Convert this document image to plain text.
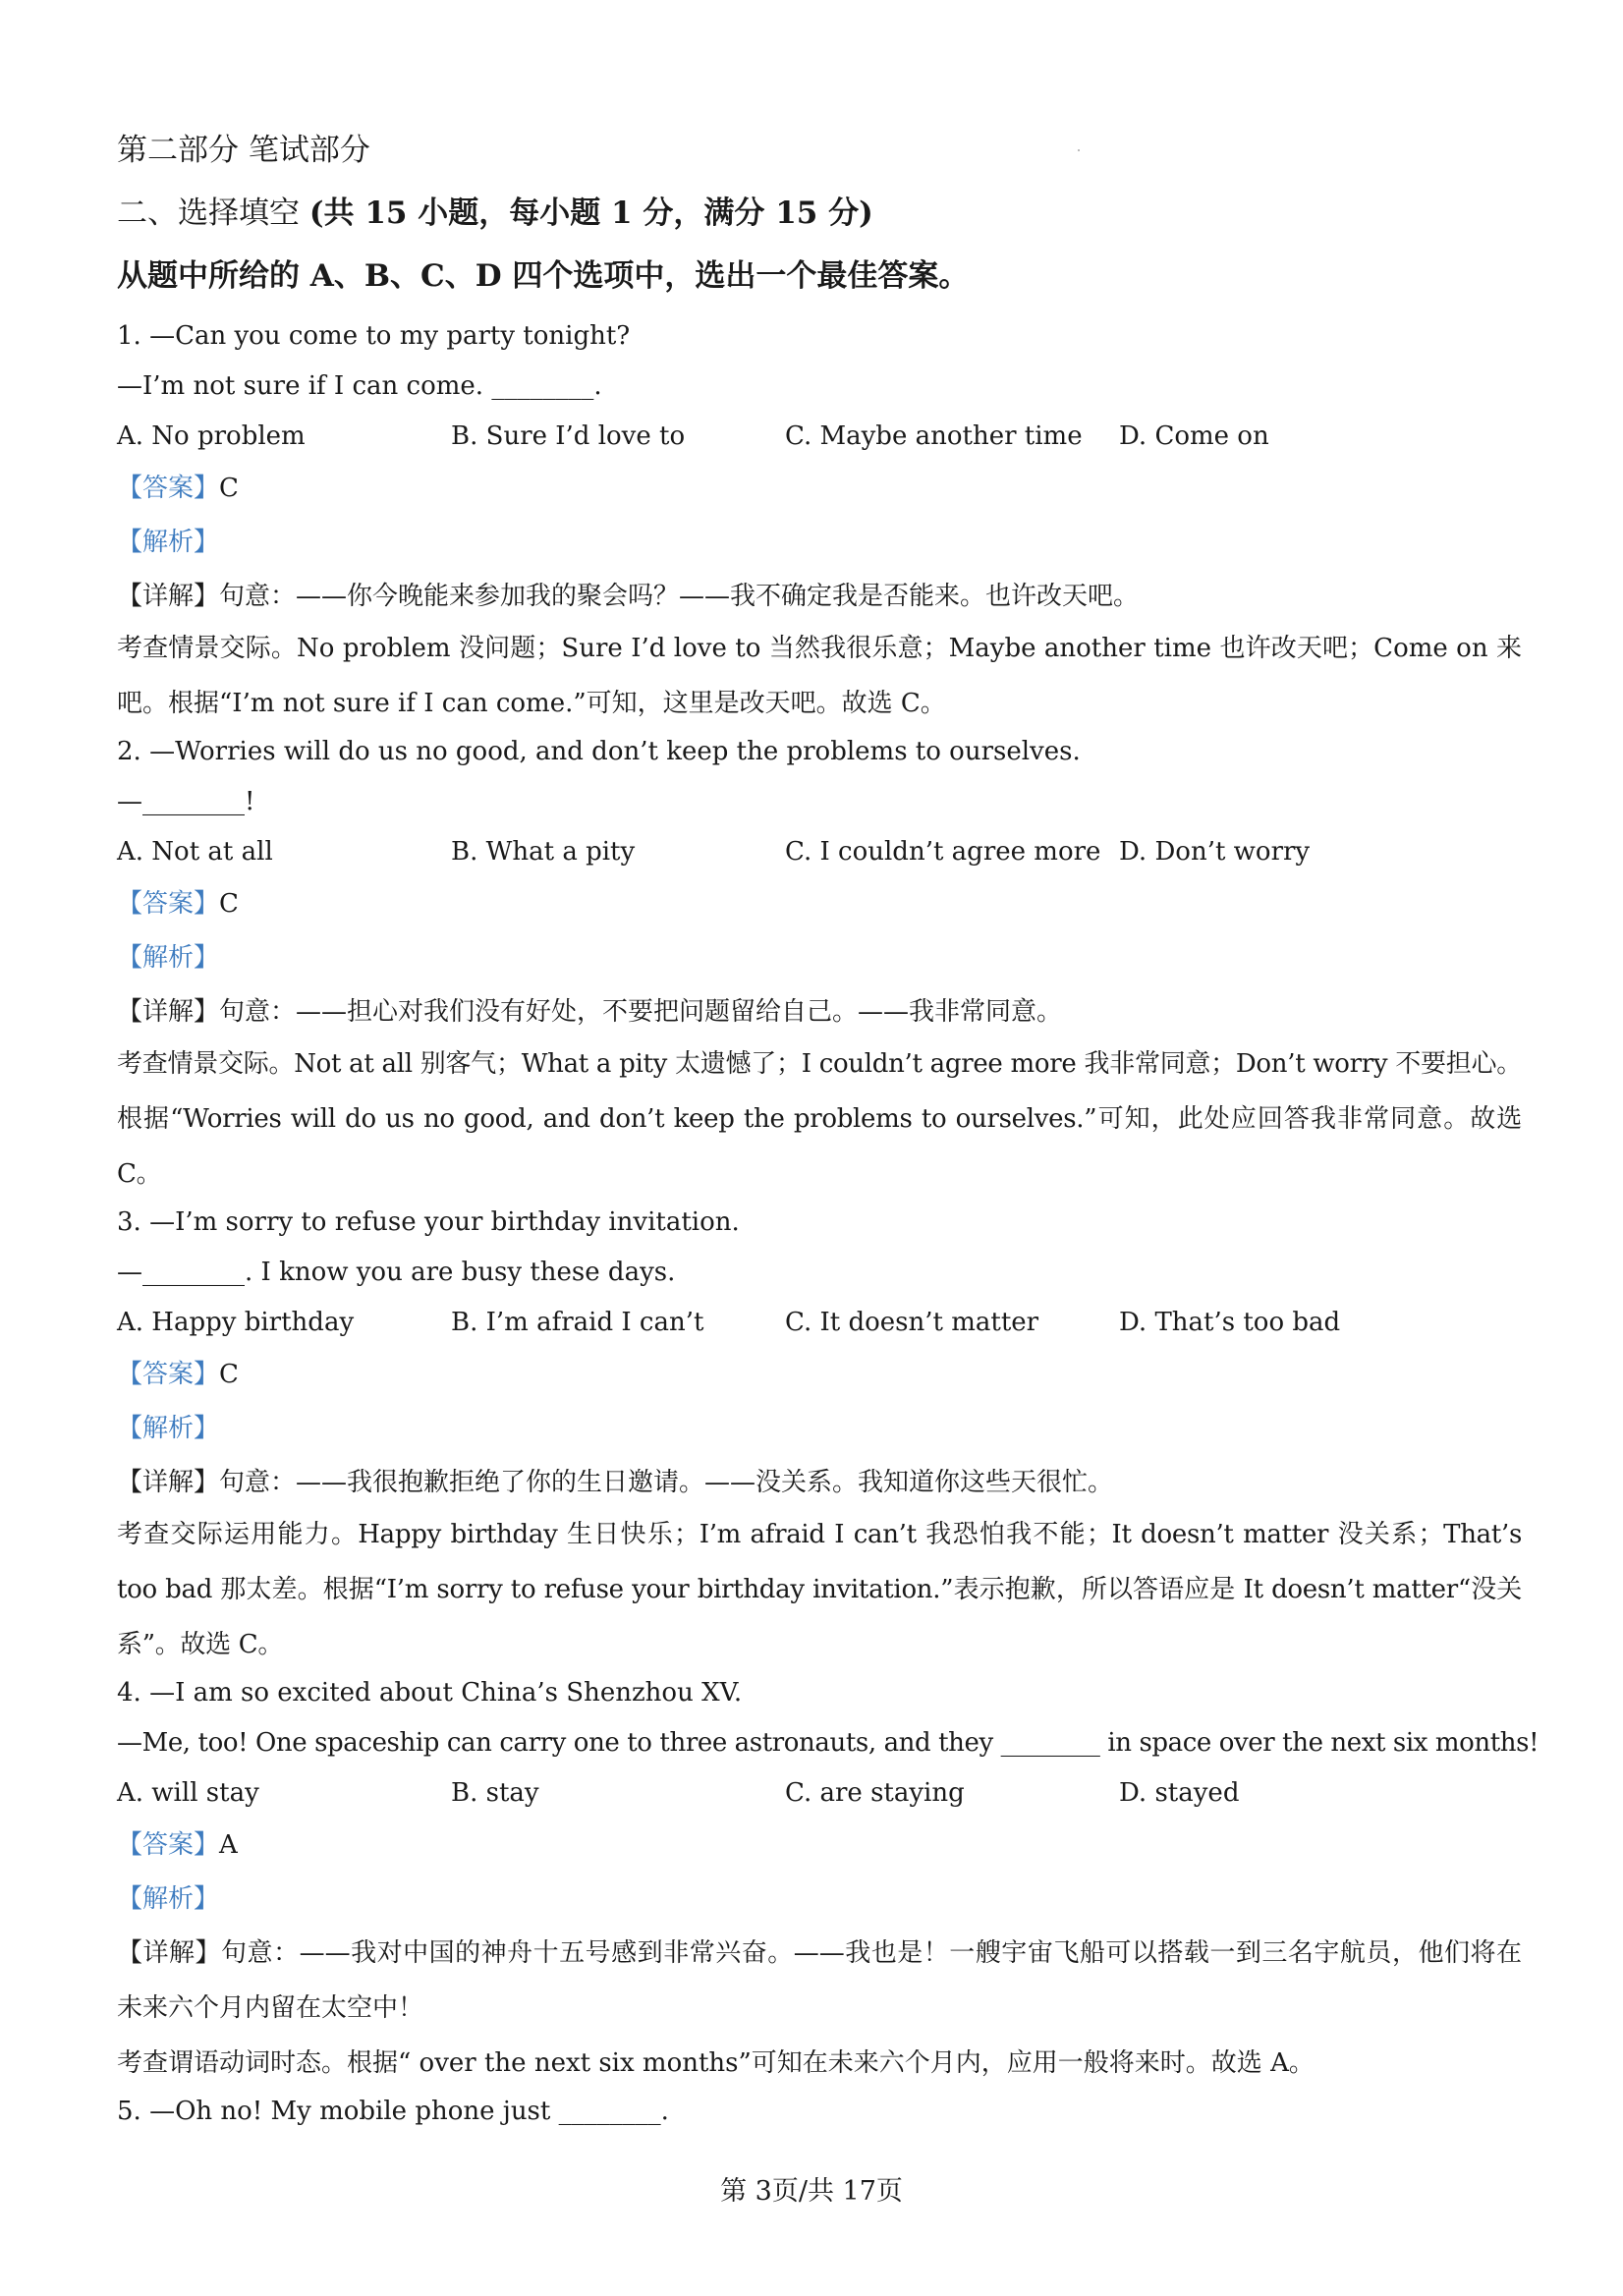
第二部分 笔试部分
二、选择填空 (共 15 小题，每小题 1 分，满分 15 分)
从题中所给的 A、B、C、D 四个选项中，选出一个最佳答案。
1. —Can you come to my party tonight?
—I’m not sure if I can come. ________.
A. No problem	B. Sure I’d love to	C. Maybe another time	D. Come on
【答案】C
【解析】
【详解】句意：——你今晚能来参加我的聚会吗？——我不确定我是否能来。也许改天吧。
考查情景交际。No problem 没问题；Sure I’d love to 当然我很乐意；Maybe another time 也许改天吧；Come on 来吧。根据“I’m not sure if I can come.”可知，这里是改天吧。故选 C。
2. —Worries will do us no good, and don’t keep the problems to ourselves.
—________!
A. Not at all	B. What a pity	C. I couldn’t agree more D. Don’t worry
【答案】C
【解析】
【详解】句意：——担心对我们没有好处，不要把问题留给自己。——我非常同意。
考查情景交际。Not at all 别客气；What a pity 太遗憾了；I couldn’t agree more 我非常同意；Don’t worry 不要担心。根据“Worries will do us no good, and don’t keep the problems to ourselves.”可知，此处应回答我非常同意。故选 C。
3. —I’m sorry to refuse your birthday invitation.
—________. I know you are busy these days.
A. Happy birthday	B. I’m afraid I can’t	C. It doesn’t matter	D. That’s too bad
【答案】C
【解析】
【详解】句意：——我很抱歉拒绝了你的生日邀请。——没关系。我知道你这些天很忙。
考查交际运用能力。Happy birthday 生日快乐；I’m afraid I can’t 我恐怕我不能；It doesn’t matter 没关系；That’s too bad 那太差。根据“I’m sorry to refuse your birthday invitation.”表示抱歉，所以答语应是 It doesn’t matter“没关系”。故选 C。
4. —I am so excited about China’s Shenzhou XV.
—Me, too! One spaceship can carry one to three astronauts, and they ________ in space over the next six months!
A. will stay	B. stay	C. are staying	D. stayed
【答案】A
【解析】
【详解】句意：——我对中国的神舟十五号感到非常兴奋。——我也是！一艘宇宙飞船可以搭载一到三名宇航员，他们将在未来六个月内留在太空中！
考查谓语动词时态。根据“ over the next six months”可知在未来六个月内，应用一般将来时。故选 A。
5. —Oh no! My mobile phone just ________.
第 3页/共 17页
